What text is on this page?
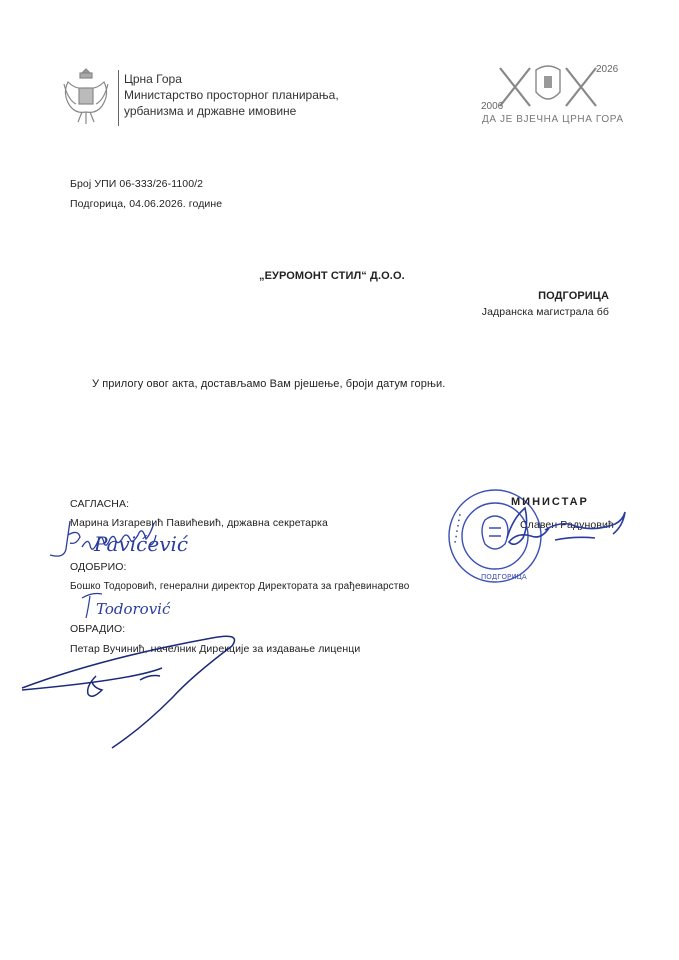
Црна Гора
Министарство просторног планирања,
урбанизма и државне имовине
2026
2006
ДА ЈЕ ВЈЕЧНА ЦРНА ГОРА
Број УПИ 06-333/26-1100/2
Подгорица, 04.06.2026. године
„ЕУРОМОНТ СТИЛ“ Д.О.О.
ПОДГОРИЦА
Јадранска магистрала бб
У прилогу овог акта, достављамо Вам рјешење, броји датум горњи.
САГЛАСНА:
Марина Изгаревић Павићевић, државна секретарка
Pavićević
ОДОБРИО:
Бошко Тодоровић, генерални директор Директората за грађевинарство
Todorović
ОБРАДИО:
Петар Вучинић, начелник Дирекције за издавање лиценци
• • • • • •
ПОДГОРИЦА
МИНИСТАР
Славен Радуновић
